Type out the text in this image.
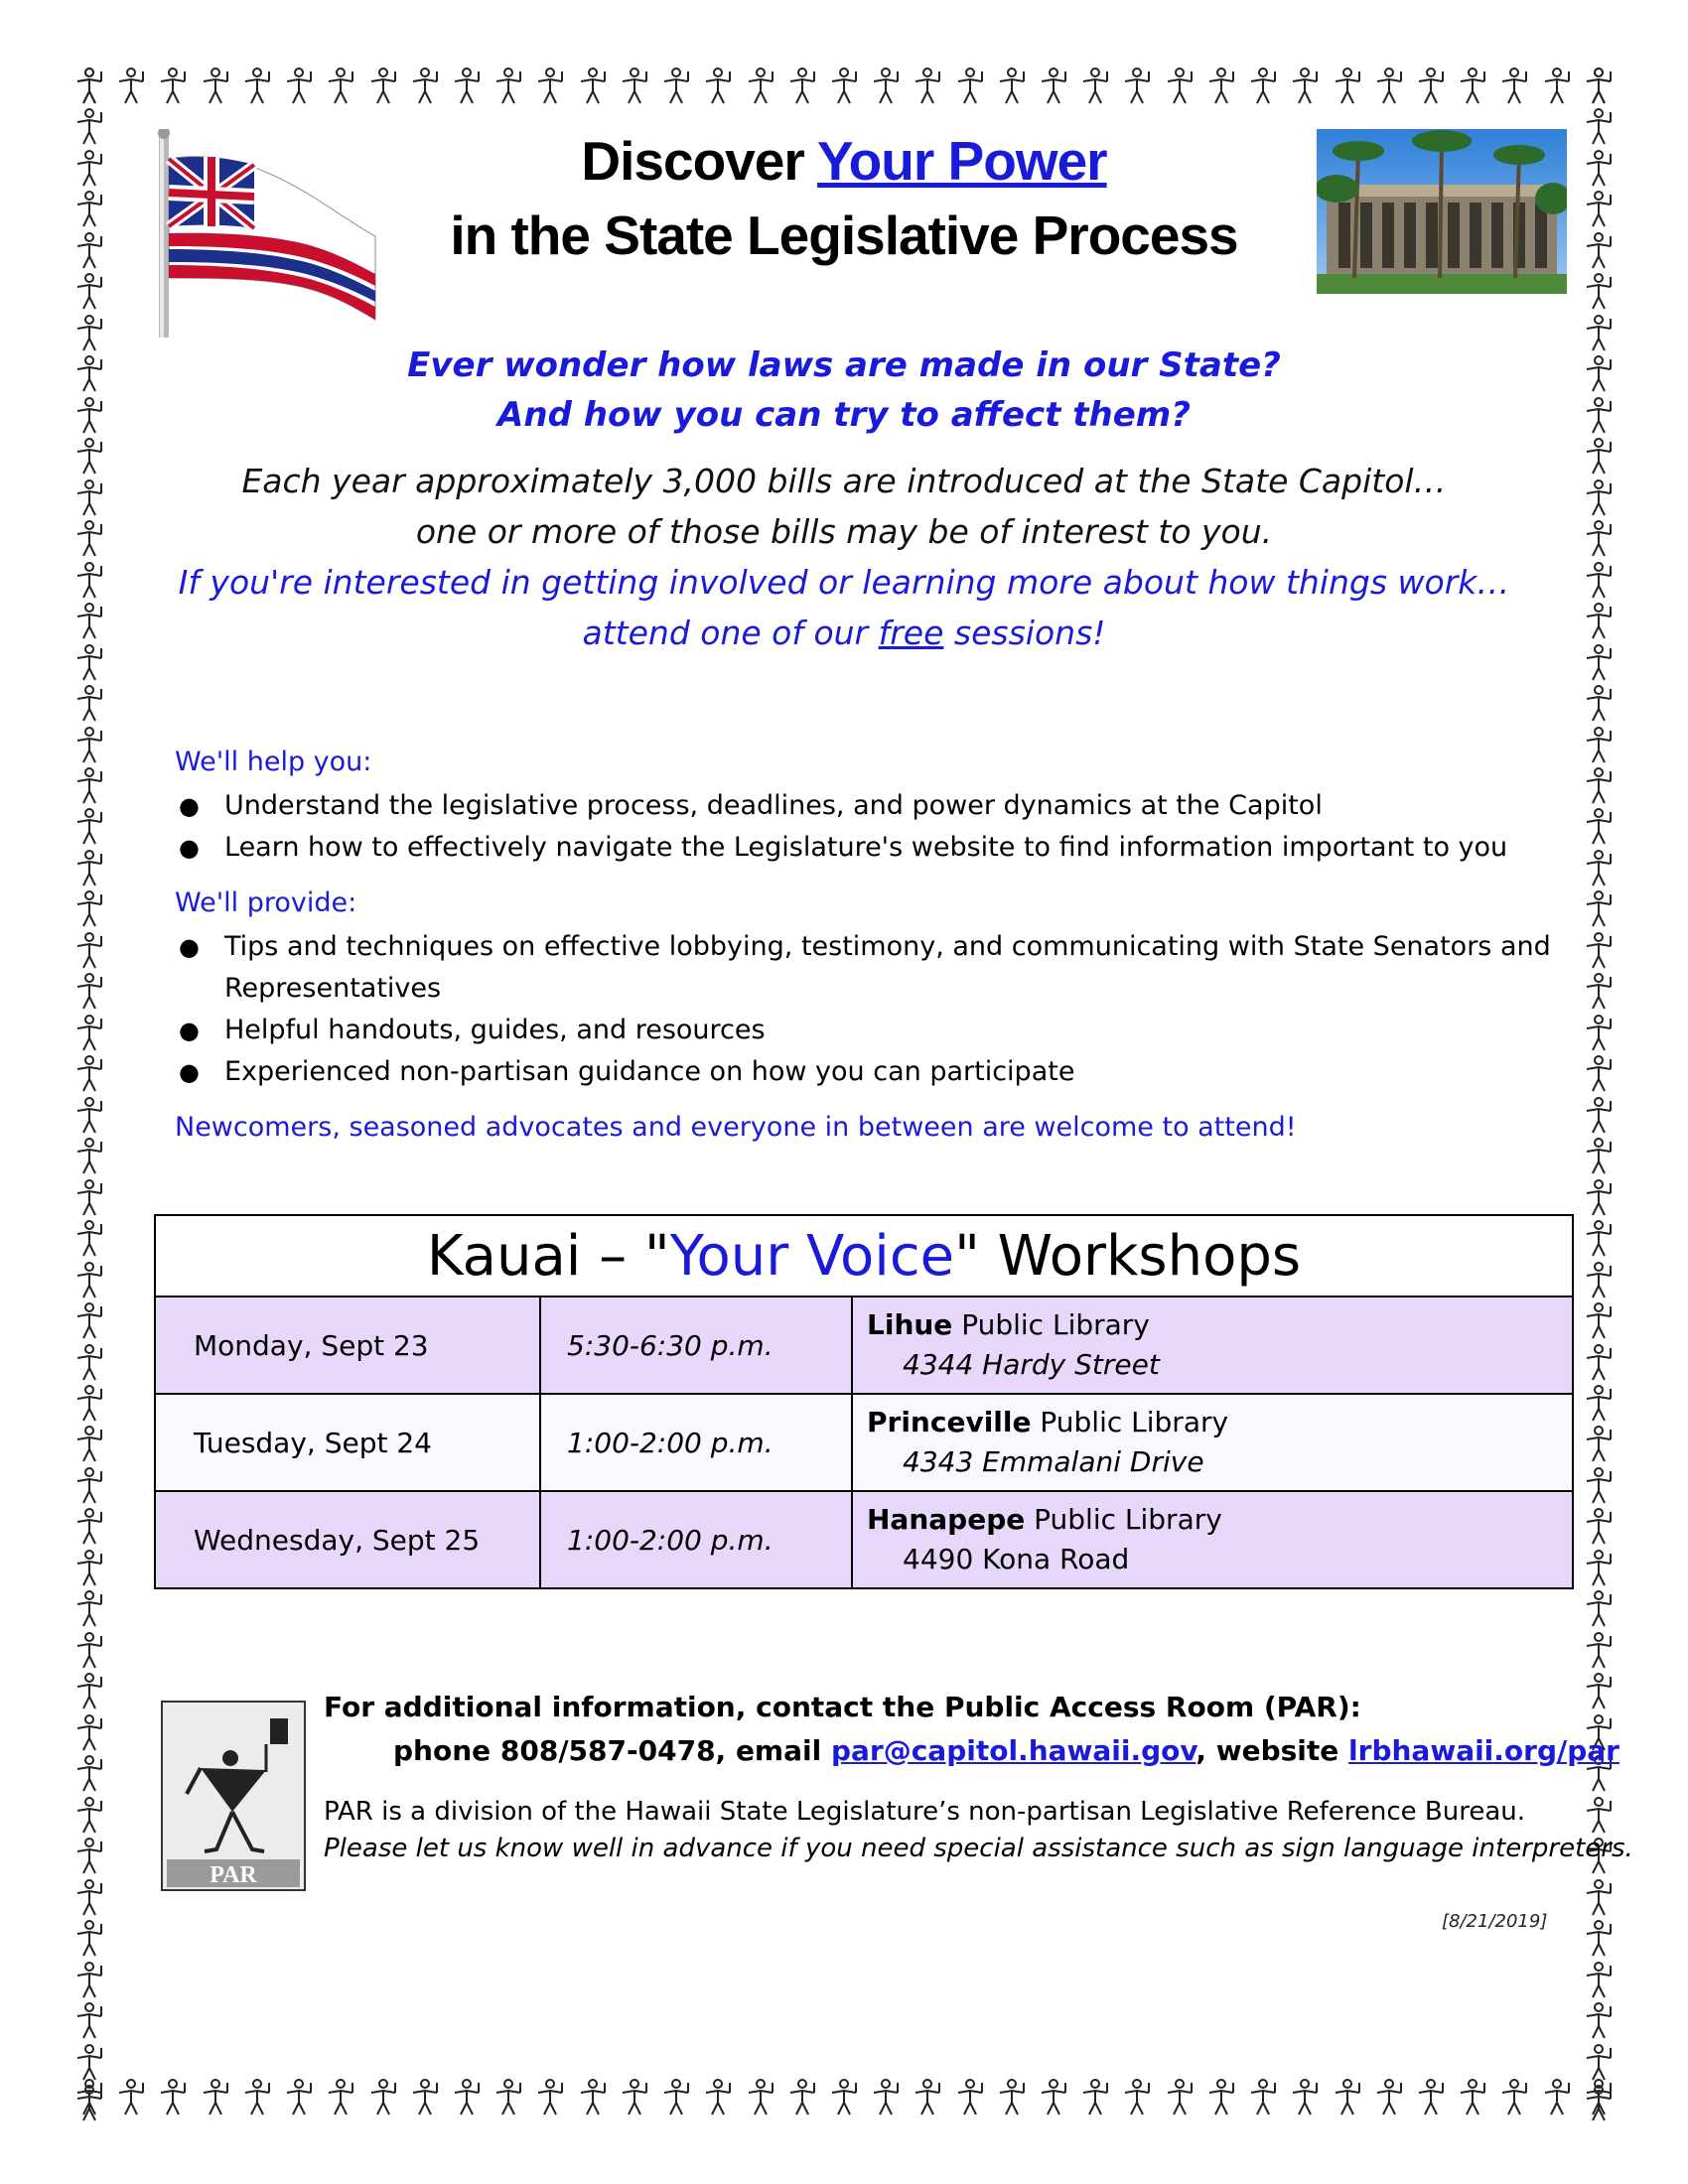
Discover Your Power
in the State Legislative Process
Ever wonder how laws are made in our State?
And how you can try to affect them?
Each year approximately 3,000 bills are introduced at the State Capitol…
one or more of those bills may be of interest to you.
If you're interested in getting involved or learning more about how things work…
attend one of our free sessions!
We'll help you:
● Understand the legislative process, deadlines, and power dynamics at the Capitol
● Learn how to effectively navigate the Legislature's website to find information important to you
We'll provide:
● Tips and techniques on effective lobbying, testimony, and communicating with State Senators and Representatives
● Helpful handouts, guides, and resources
● Experienced non-partisan guidance on how you can participate
Newcomers, seasoned advocates and everyone in between are welcome to attend!
Kauai – "Your Voice" Workshops		
Monday, Sept 23	5:30-6:30 p.m.	Lihue Public Library
4344 Hardy Street

Tuesday, Sept 24	1:00-2:00 p.m.	Princeville Public Library
4343 Emmalani Drive

Wednesday, Sept 25	1:00-2:00 p.m.	Hanapepe Public Library
4490 Kona Road
PAR
For additional information, contact the Public Access Room (PAR):
phone 808/587-0478, email par@capitol.hawaii.gov, website lrbhawaii.org/par
PAR is a division of the Hawaii State Legislature’s non-partisan Legislative Reference Bureau.
Please let us know well in advance if you need special assistance such as sign language interpreters.
[8/21/2019]
